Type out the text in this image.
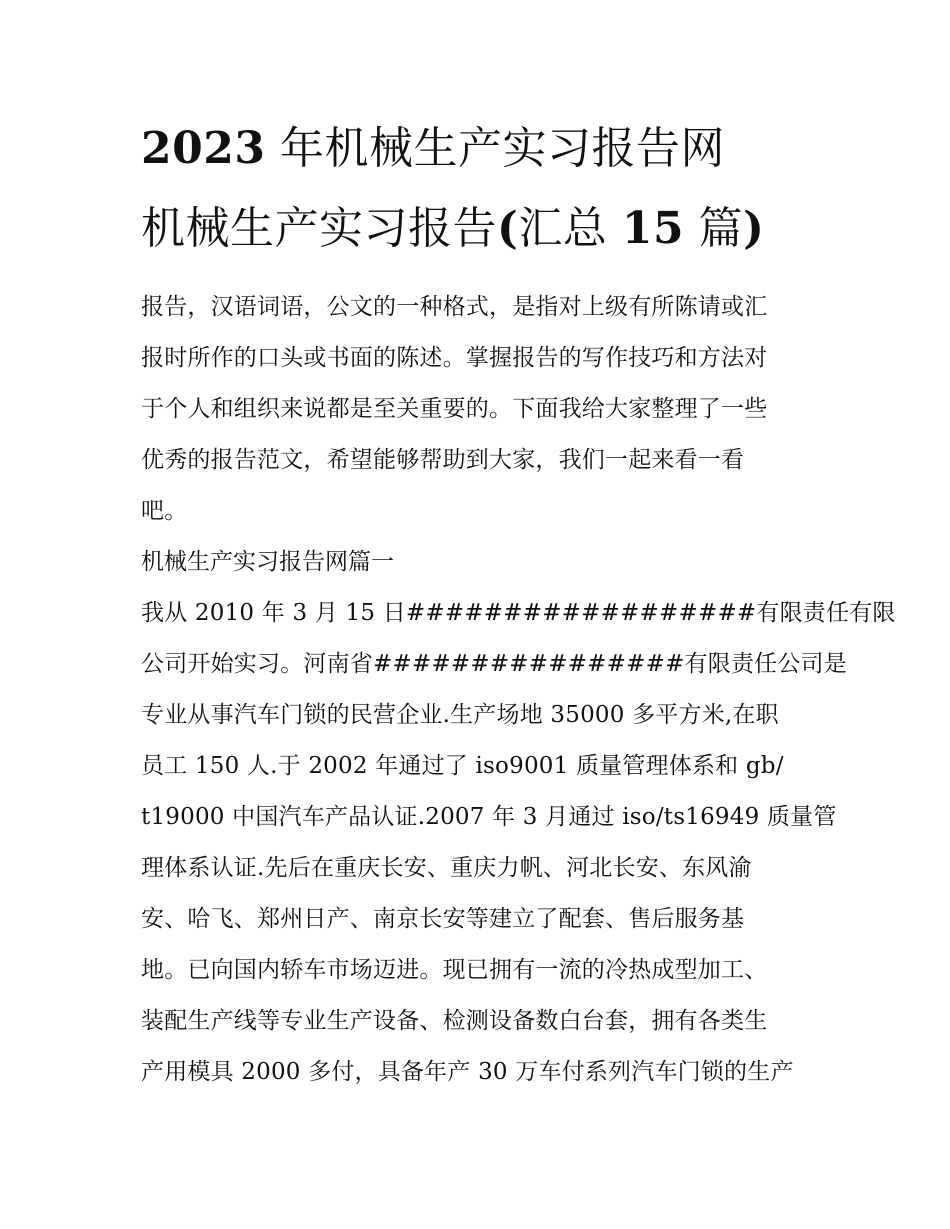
2023 年机械生产实习报告网
机械生产实习报告(汇总 15 篇)

报告，汉语词语，公文的一种格式，是指对上级有所陈请或汇
报时所作的口头或书面的陈述。掌握报告的写作技巧和方法对
于个人和组织来说都是至关重要的。下面我给大家整理了一些
优秀的报告范文，希望能够帮助到大家，我们一起来看一看
吧。

机械生产实习报告网篇一

我从 2010 年 3 月 15 日##################有限责任有限
公司开始实习。河南省################有限责任公司是
专业从事汽车门锁的民营企业.生产场地 35000 多平方米,在职
员工 150 人.于 2002 年通过了 iso9001 质量管理体系和 gb/
t19000 中国汽车产品认证.2007 年 3 月通过 iso/ts16949 质量管
理体系认证.先后在重庆长安、重庆力帆、河北长安、东风渝
安、哈飞、郑州日产、南京长安等建立了配套、售后服务基
地。已向国内轿车市场迈进。现已拥有一流的冷热成型加工、
装配生产线等专业生产设备、检测设备数白台套，拥有各类生
产用模具 2000 多付，具备年产 30 万车付系列汽车门锁的生产
